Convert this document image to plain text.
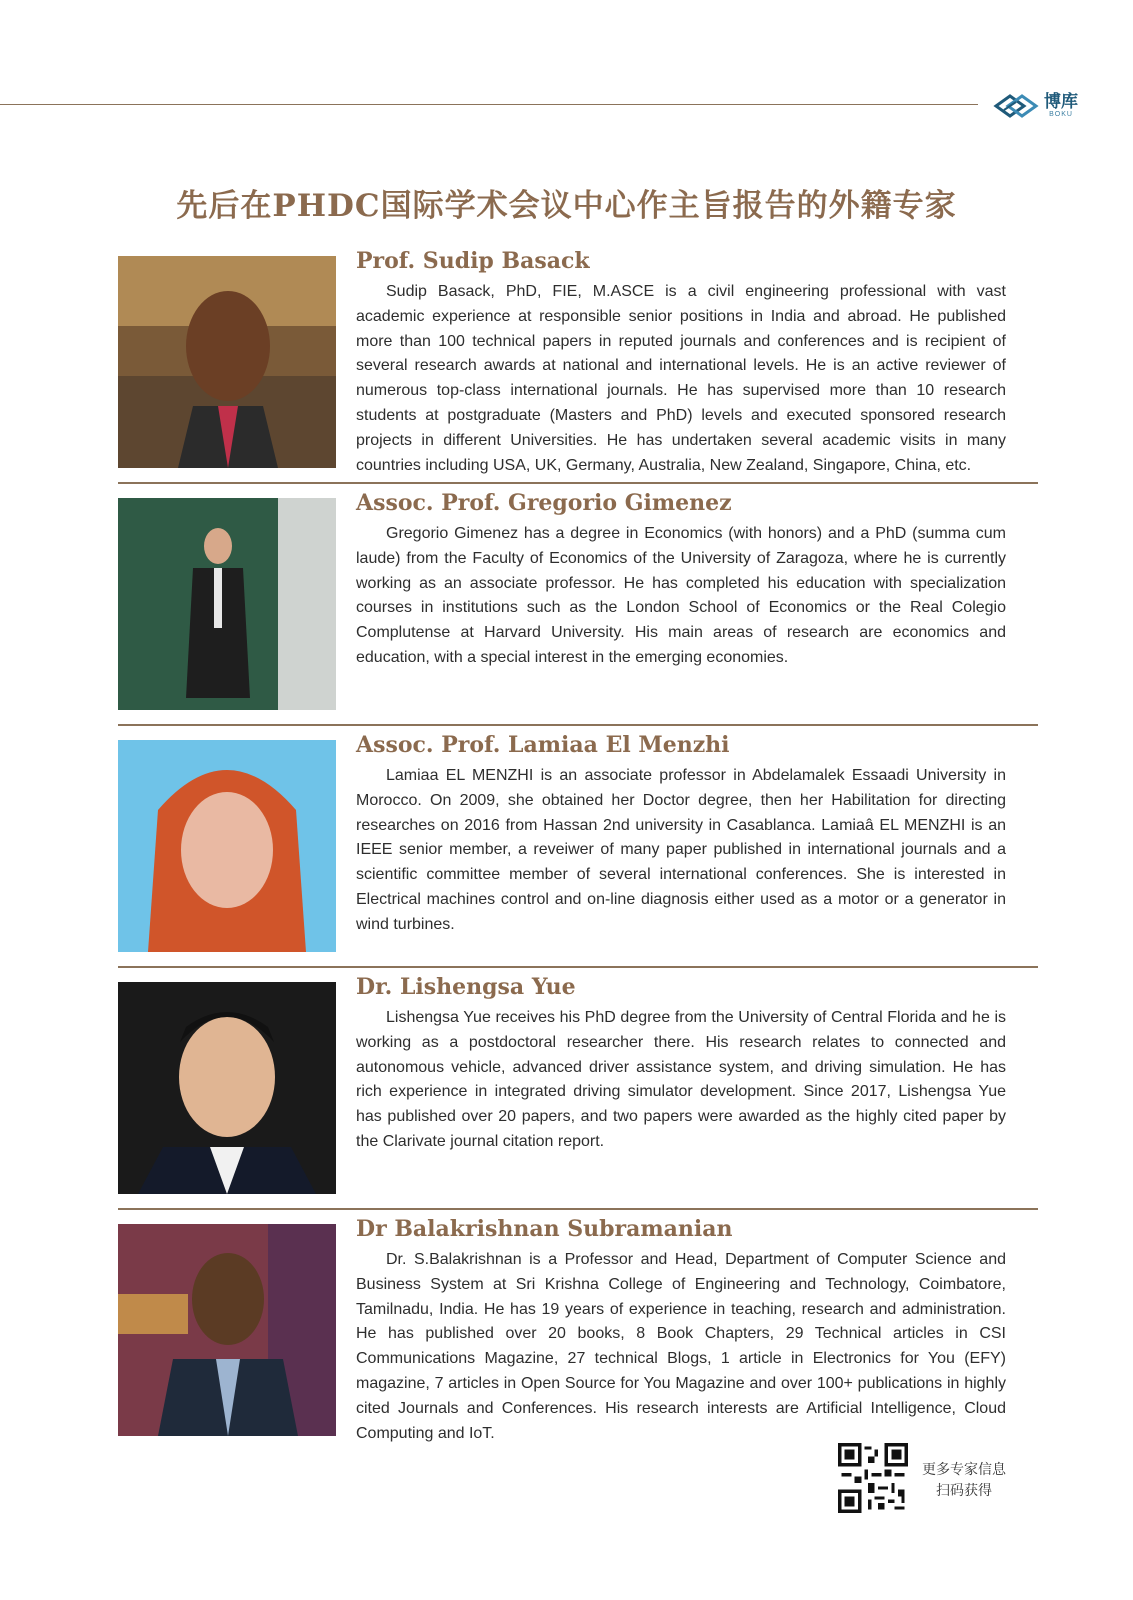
博库
BOKU
先后在PHDC国际学术会议中心作主旨报告的外籍专家
Prof. Sudip Basack

Sudip Basack, PhD, FIE, M.ASCE is a civil engineering professional with vast academic experience at responsible senior positions in India and abroad. He published more than 100 technical papers in reputed journals and conferences and is recipient of several research awards at national and international levels. He is an active reviewer of numerous top-class international journals. He has supervised more than 10 research students at postgraduate (Masters and PhD) levels and executed sponsored research projects in different Universities. He has undertaken several academic visits in many countries including USA, UK, Germany, Australia, New Zealand, Singapore, China, etc.

Assoc. Prof. Gregorio Gimenez

Gregorio Gimenez has a degree in Economics (with honors) and a PhD (summa cum laude) from the Faculty of Economics of the University of Zaragoza, where he is currently working as an associate professor. He has completed his education with specialization courses in institutions such as the London School of Economics or the Real Colegio Complutense at Harvard University. His main areas of research are economics and education, with a special interest in the emerging economies.

Assoc. Prof. Lamiaa El Menzhi

Lamiaa EL MENZHI is an associate professor in Abdelamalek Essaadi University in Morocco. On 2009, she obtained her Doctor degree, then her Habilitation for directing researches on 2016 from Hassan 2nd university in Casablanca. Lamiaâ EL MENZHI is an IEEE senior member, a reveiwer of many paper published in international journals and a scientific committee member of several international conferences. She is interested in Electrical machines control and on-line diagnosis either used as a motor or a generator in wind turbines.

Dr. Lishengsa Yue

Lishengsa Yue receives his PhD degree from the University of Central Florida and he is working as a postdoctoral researcher there. His research relates to connected and autonomous vehicle, advanced driver assistance system, and driving simulation. He has rich experience in integrated driving simulator development. Since 2017, Lishengsa Yue has published over 20 papers, and two papers were awarded as the highly cited paper by the Clarivate journal citation report.

Dr Balakrishnan Subramanian

Dr. S.Balakrishnan is a Professor and Head, Department of Computer Science and Business System at Sri Krishna College of Engineering and Technology, Coimbatore, Tamilnadu, India. He has 19 years of experience in teaching, research and administration. He has published over 20 books, 8 Book Chapters, 29 Technical articles in CSI Communications Magazine, 27 technical Blogs, 1 article in Electronics for You (EFY) magazine, 7 articles in Open Source for You Magazine and over 100+ publications in highly cited Journals and Conferences. His research interests are Artificial Intelligence, Cloud Computing and IoT.

更多专家信息
扫码获得
